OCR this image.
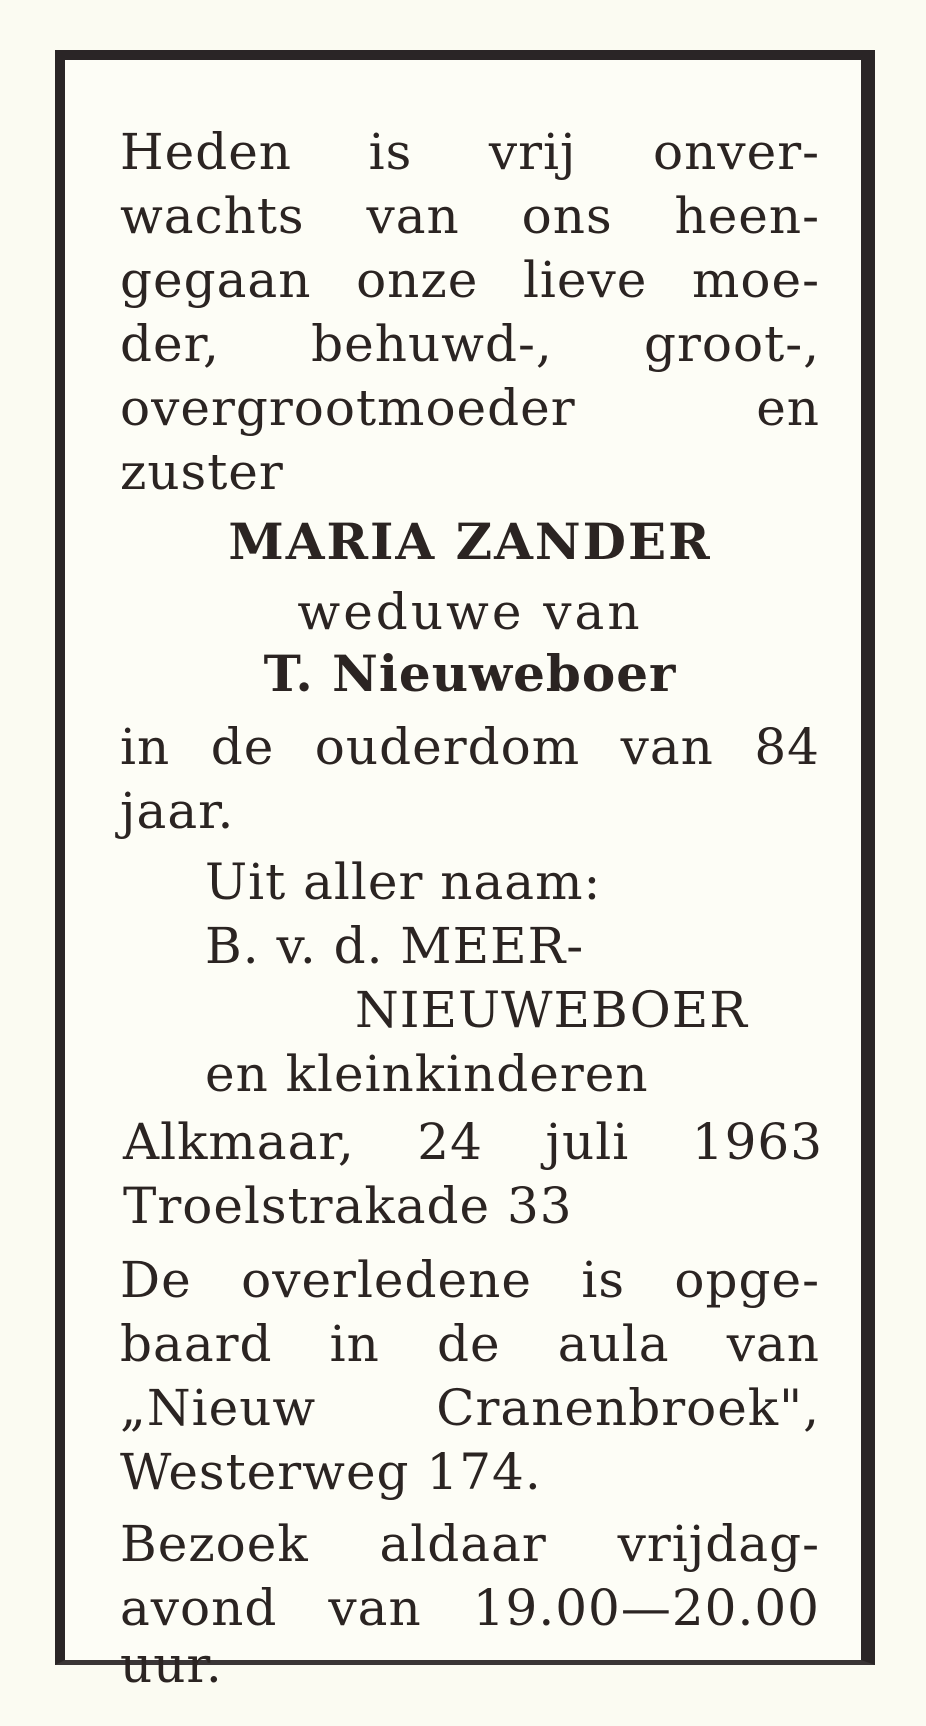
Heden is vrij onver-
wachts van ons heen-
gegaan onze lieve moe-
der, behuwd-, groot-,
overgrootmoeder en
zuster
MARIA ZANDER
weduwe van
T. Nieuweboer
in de ouderdom van 84
jaar.
Uit aller naam:
B. v. d. MEER-
NIEUWEBOER
en kleinkinderen
Alkmaar, 24 juli 1963
Troelstrakade 33
De overledene is opge-
baard in de aula van
„Nieuw Cranenbroek",
Westerweg 174.
Bezoek aldaar vrijdag-
avond van 19.00—20.00
uur.
